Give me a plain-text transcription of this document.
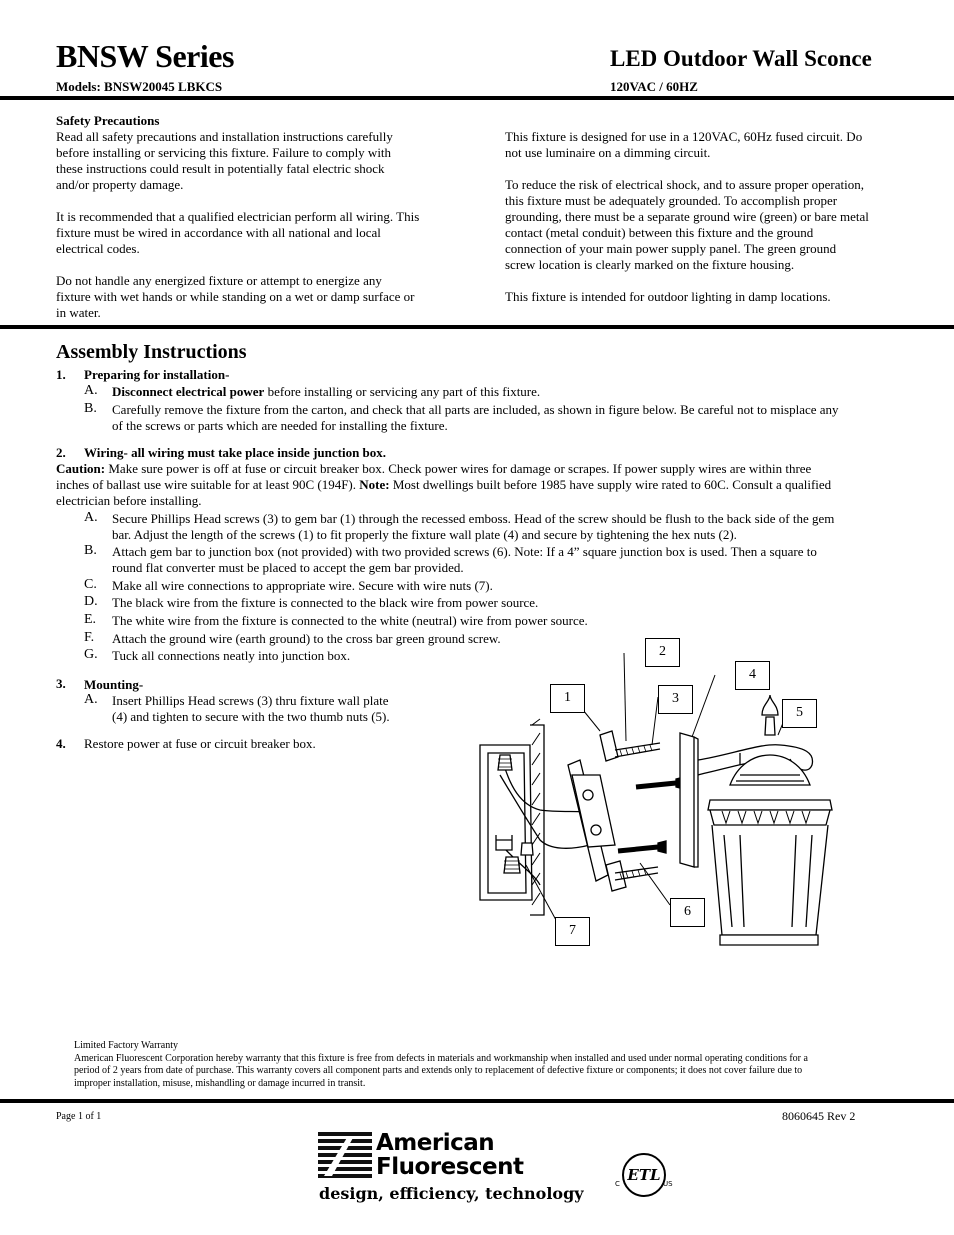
BNSW Series	LED Outdoor Wall Sconce
Models: BNSW20045 LBKCS	120VAC / 60HZ
Safety Precautions
Read all safety precautions and installation instructions carefully
before installing or servicing this fixture. Failure to comply with
these instructions could result in potentially fatal electric shock
and/or property damage.
It is recommended that a qualified electrician perform all wiring. This
fixture must be wired in accordance with all national and local
electrical codes.
Do not handle any energized fixture or attempt to energize any
fixture with wet hands or while standing on a wet or damp surface or
in water.
This fixture is designed for use in a 120VAC, 60Hz fused circuit. Do
not use luminaire on a dimming circuit.
To reduce the risk of electrical shock, and to assure proper operation,
this fixture must be adequately grounded. To accomplish proper
grounding, there must be a separate ground wire (green) or bare metal
contact (metal conduit) between this fixture and the ground
connection of your main power supply panel. The green ground
screw location is clearly marked on the fixture housing.
This fixture is intended for outdoor lighting in damp locations.
Assembly Instructions
1. Preparing for installation-
A. Disconnect electrical power before installing or servicing any part of this fixture.
B. Carefully remove the fixture from the carton, and check that all parts are included, as shown in figure below. Be careful not to misplace any
of the screws or parts which are needed for installing the fixture.
2. Wiring- all wiring must take place inside junction box.
Caution: Make sure power is off at fuse or circuit breaker box. Check power wires for damage or scrapes. If power supply wires are within three
inches of ballast use wire suitable for at least 90C (194F). Note: Most dwellings built before 1985 have supply wire rated to 60C. Consult a qualified
electrician before installing.
A. Secure Phillips Head screws (3) to gem bar (1) through the recessed emboss. Head of the screw should be flush to the back side of the gem
bar. Adjust the length of the screws (1) to fit properly the fixture wall plate (4) and secure by tightening the hex nuts (2).
B. Attach gem bar to junction box (not provided) with two provided screws (6). Note: If a 4” square junction box is used. Then a square to
round flat converter must be placed to accept the gem bar provided.
C. Make all wire connections to appropriate wire. Secure with wire nuts (7).
D. The black wire from the fixture is connected to the black wire from power source.
E. The white wire from the fixture is connected to the white (neutral) wire from power source.
F. Attach the ground wire (earth ground) to the cross bar green ground screw.
G. Tuck all connections neatly into junction box.
3. Mounting-
A. Insert Phillips Head screws (3) thru fixture wall plate
(4) and tighten to secure with the two thumb nuts (5).
4. Restore power at fuse or circuit breaker box.
1
2
3
4
5
6
7
Limited Factory Warranty
American Fluorescent Corporation hereby warranty that this fixture is free from defects in materials and workmanship when installed and used under normal operating conditions for a
period of 2 years from date of purchase. This warranty covers all component parts and extends only to replacement of defective fixture or components; it does not cover failure due to
improper installation, misuse, mishandling or damage incurred in transit.
Page 1 of 1	8060645 Rev 2
American
Fluorescent
design, efficiency, technology
ETL
C	US
